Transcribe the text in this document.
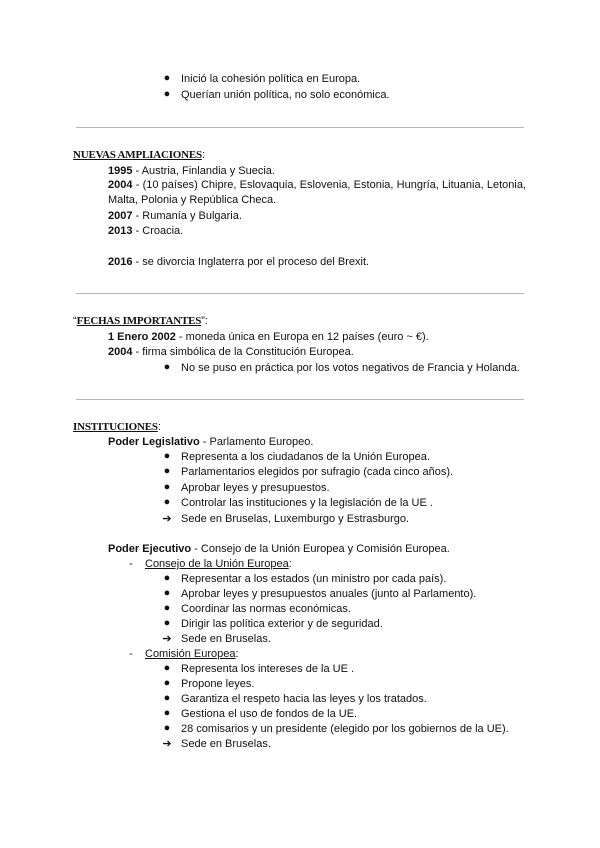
● Inició la cohesión política en Europa.
● Querían unión política, no solo económica.
NUEVAS AMPLIACIONES:
1995 - Austria, Finlandia y Suecia.
2004 - (10 países) Chipre, Eslovaquia, Eslovenia, Estonia, Hungría, Lituania, Letonia, Malta, Polonia y República Checa.
2007 - Rumanía y Bulgaria.
2013 - Croacia.
2016 - se divorcia Inglaterra por el proceso del Brexit.
“FECHAS IMPORTANTES”:
1 Enero 2002 - moneda única en Europa en 12 países (euro ~ €).
2004 - firma simbólica de la Constitución Europea.
● No se puso en práctica por los votos negativos de Francia y Holanda.
INSTITUCIONES:
Poder Legislativo - Parlamento Europeo.
● Representa a los ciudadanos de la Unión Europea.
● Parlamentarios elegidos por sufragio (cada cinco años).
● Aprobar leyes y presupuestos.
● Controlar las instituciones y la legislación de la UE .
➔ Sede en Bruselas, Luxemburgo y Estrasburgo.
Poder Ejecutivo - Consejo de la Unión Europea y Comisión Europea.
- Consejo de la Unión Europea:
● Representar a los estados (un ministro por cada país).
● Aprobar leyes y presupuestos anuales (junto al Parlamento).
● Coordinar las normas económicas.
● Dirigir las política exterior y de seguridad.
➔ Sede en Bruselas.
- Comisión Europea:
● Representa los intereses de la UE .
● Propone leyes.
● Garantiza el respeto hacia las leyes y los tratados.
● Gestiona el uso de fondos de la UE.
● 28 comisarios y un presidente (elegido por los gobiernos de la UE).
➔ Sede en Bruselas.
